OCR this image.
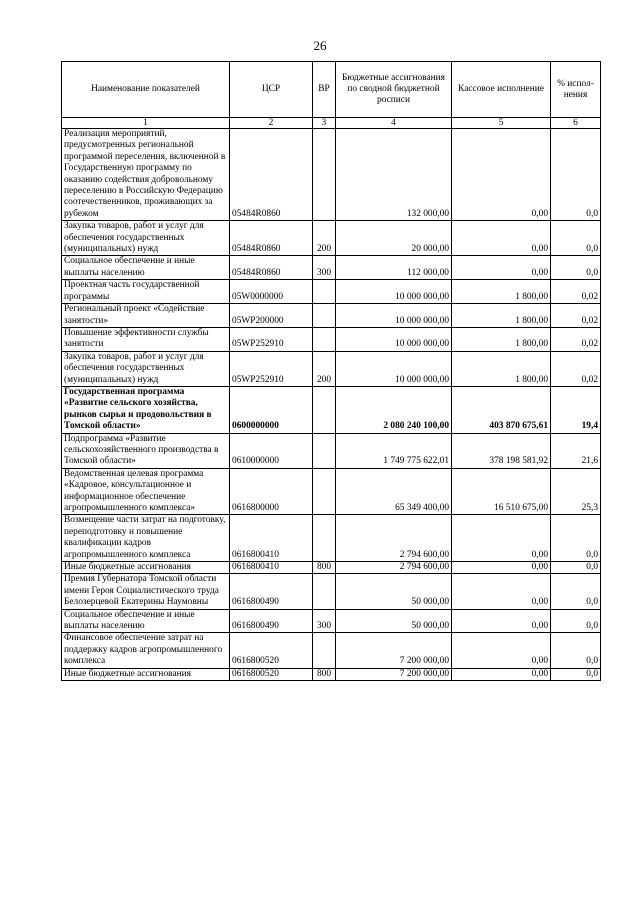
26
Наименование показателей	ЦСР	ВР	Бюджетные ассигнования по сводной бюджетной росписи	Кассовое исполнение	% испол-нения
1	2	3	4	5	6
Реализация мероприятий, предусмотренных региональной программой переселения, включенной в Государственную программу по оказанию содействия добровольному переселению в Российскую Федерацию соотечественников, проживающих за рубежом	05484R0860		132 000,00	0,00	0,0
Закупка товаров, работ и услуг для обеспечения государственных (муниципальных) нужд	05484R0860	200	20 000,00	0,00	0,0
Социальное обеспечение и иные выплаты населению	05484R0860	300	112 000,00	0,00	0,0
Проектная часть государственной программы	05W0000000		10 000 000,00	1 800,00	0,02
Региональный проект «Содействие занятости»	05WP200000		10 000 000,00	1 800,00	0,02
Повышение эффективности службы занятости	05WP252910		10 000 000,00	1 800,00	0,02
Закупка товаров, работ и услуг для обеспечения государственных (муниципальных) нужд	05WP252910	200	10 000 000,00	1 800,00	0,02
Государственная программа «Развитие сельского хозяйства, рынков сырья и продовольствия в Томской области»	0600000000		2 080 240 100,00	403 870 675,61	19,4
Подпрограмма «Развитие сельскохозяйственного производства в Томской области»	0610000000		1 749 775 622,01	378 198 581,92	21,6
Ведомственная целевая программа «Кадровое, консультационное и информационное обеспечение агропромышленного комплекса»	0616800000		65 349 400,00	16 510 675,00	25,3
Возмещение части затрат на подготовку, переподготовку и повышение квалификации кадров агропромышленного комплекса	0616800410		2 794 600,00	0,00	0,0
Иные бюджетные ассигнования	0616800410	800	2 794 600,00	0,00	0,0
Премия Губернатора Томской области имени Героя Социалистического труда Белозерцевой Екатерины Наумовны	0616800490		50 000,00	0,00	0,0
Социальное обеспечение и иные выплаты населению	0616800490	300	50 000,00	0,00	0,0
Финансовое обеспечение затрат на поддержку кадров агропромышленного комплекса	0616800520		7 200 000,00	0,00	0,0
Иные бюджетные ассигнования	0616800520	800	7 200 000,00	0,00	0,0
